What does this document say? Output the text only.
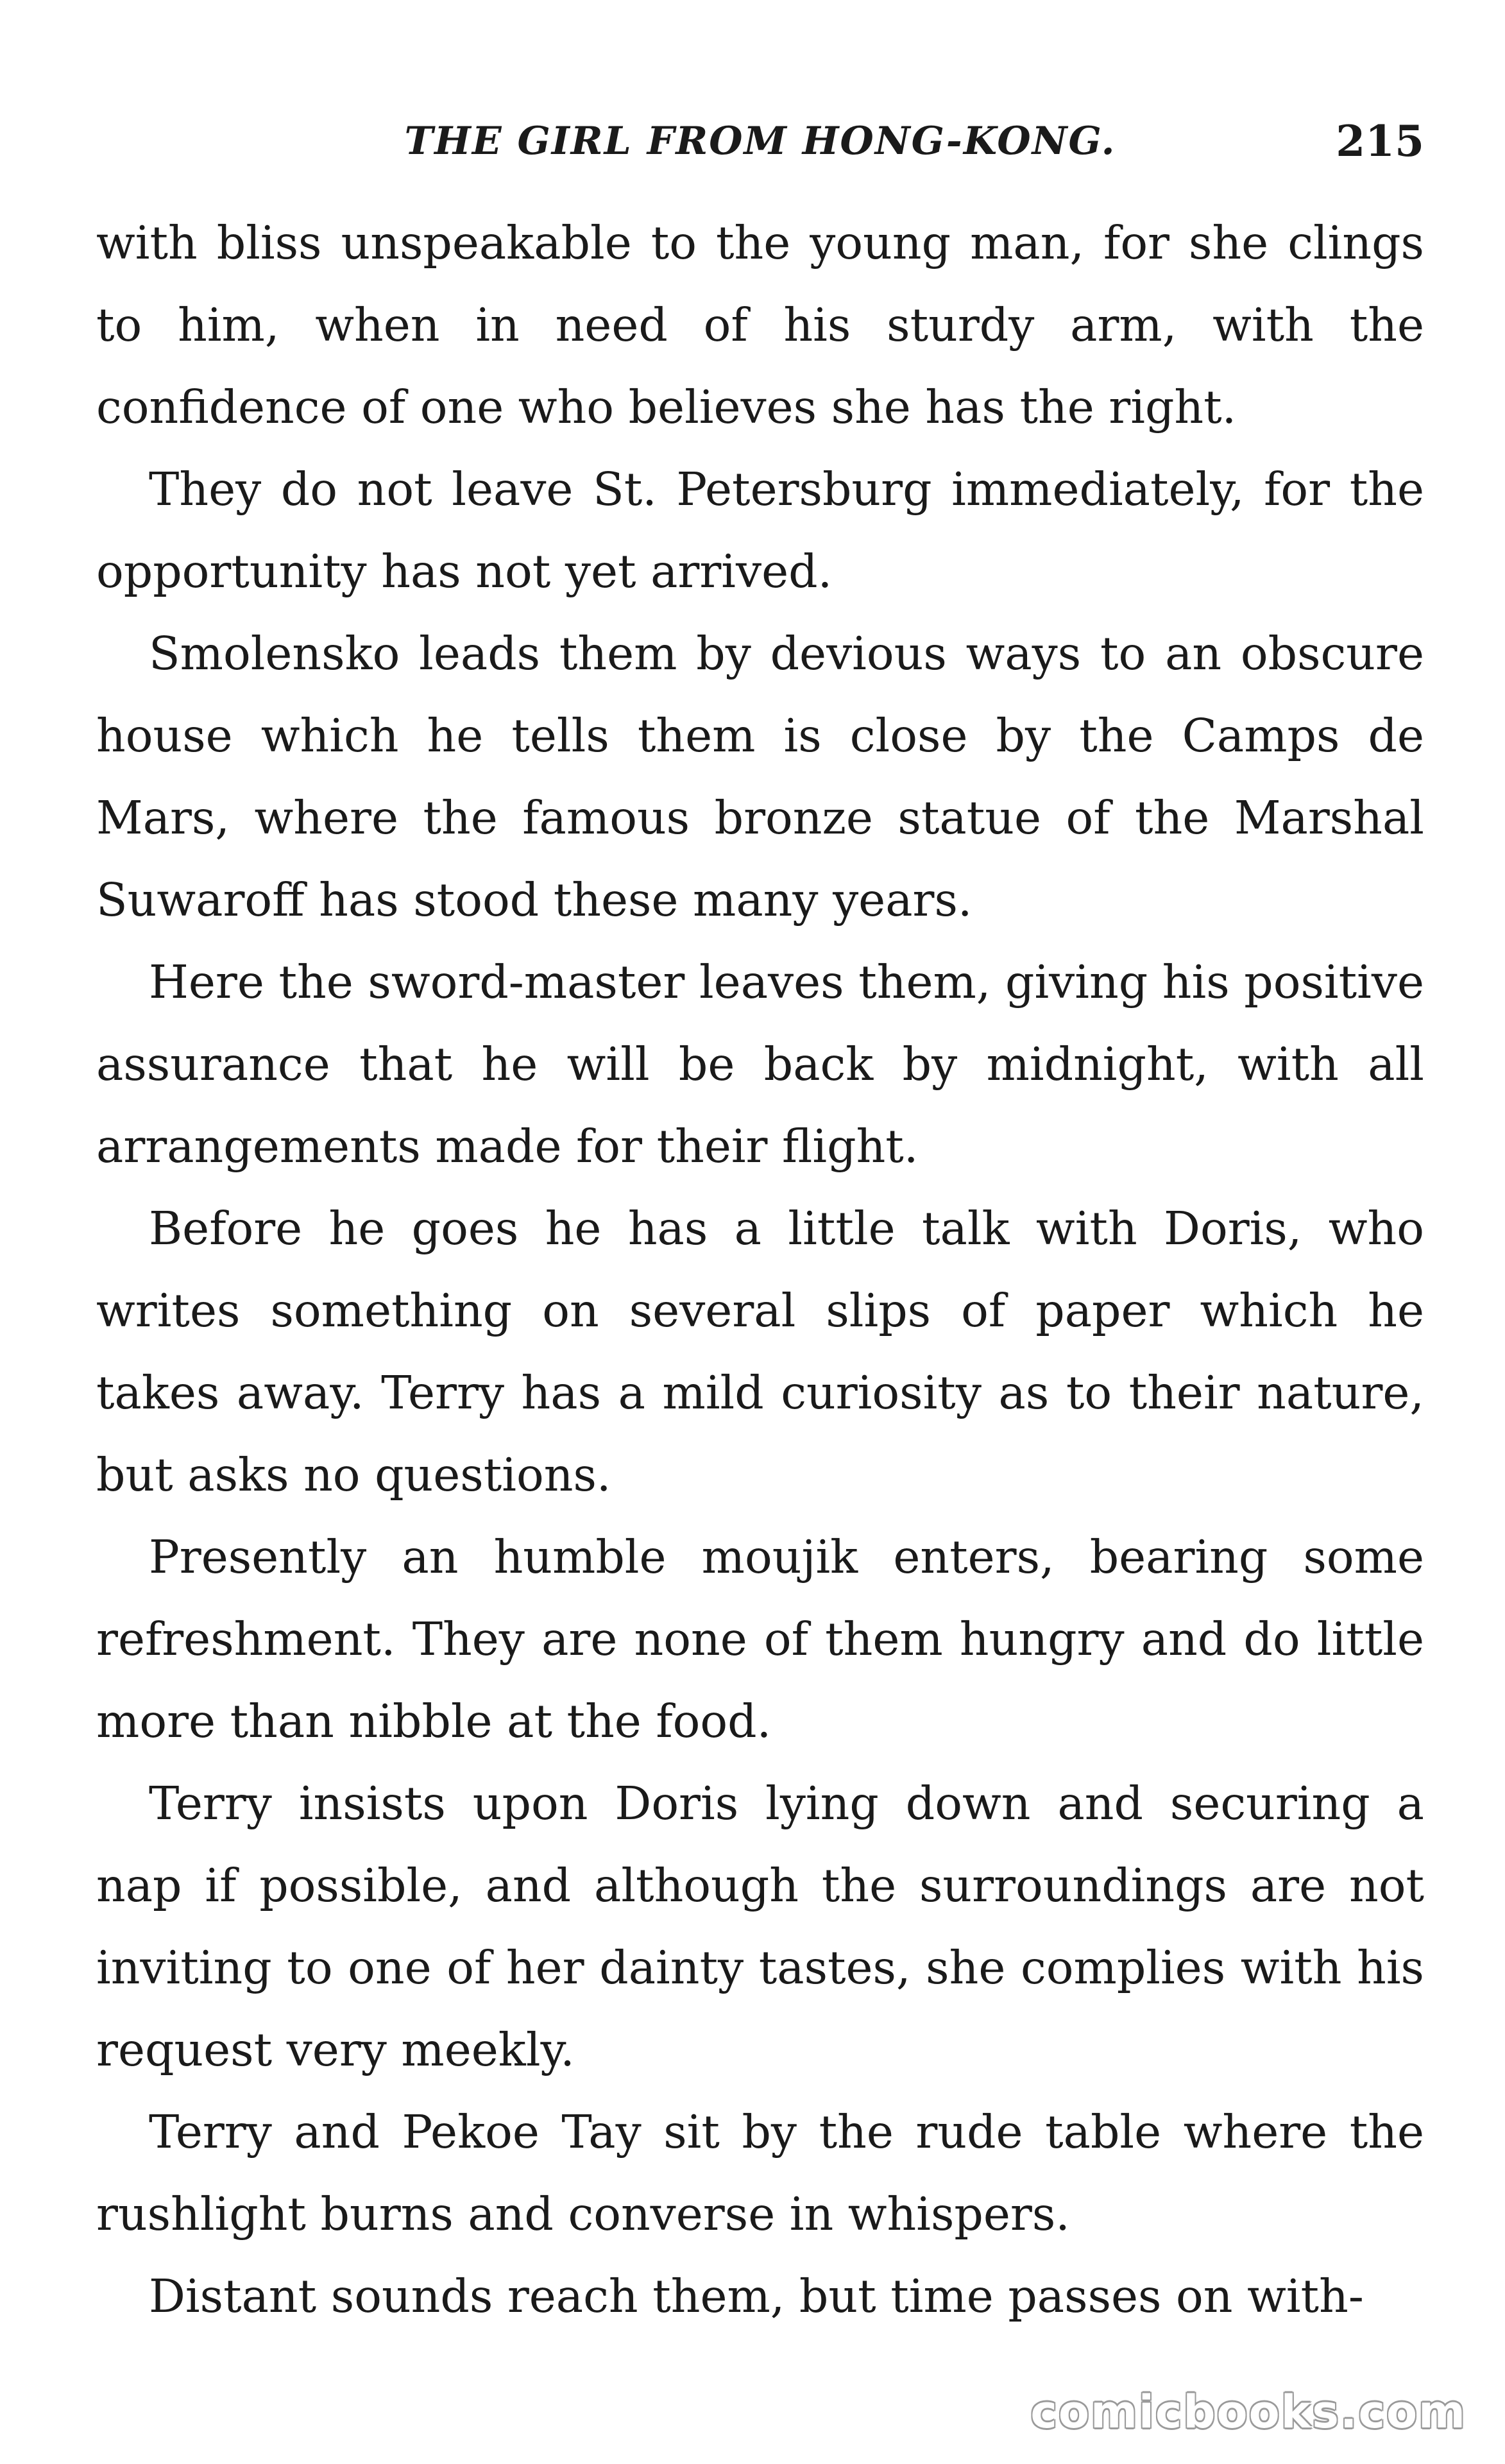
THE GIRL FROM HONG-KONG.	215

with bliss unspeakable to the young man, for she clings to him, when in need of his sturdy arm, with the confidence of one who believes she has the right.

They do not leave St. Petersburg immediately, for the opportunity has not yet arrived.

Smolensko leads them by devious ways to an obscure house which he tells them is close by the Camps de Mars, where the famous bronze statue of the Marshal Suwaroff has stood these many years.

Here the sword-master leaves them, giving his positive assurance that he will be back by midnight, with all arrangements made for their flight.

Before he goes he has a little talk with Doris, who writes something on several slips of paper which he takes away. Terry has a mild curiosity as to their nature, but asks no questions.

Presently an humble moujik enters, bearing some refreshment. They are none of them hungry and do little more than nibble at the food.

Terry insists upon Doris lying down and securing a nap if possible, and although the surroundings are not inviting to one of her dainty tastes, she complies with his request very meekly.

Terry and Pekoe Tay sit by the rude table where the rushlight burns and converse in whispers.

Distant sounds reach them, but time passes on with-

comicbooks.com
